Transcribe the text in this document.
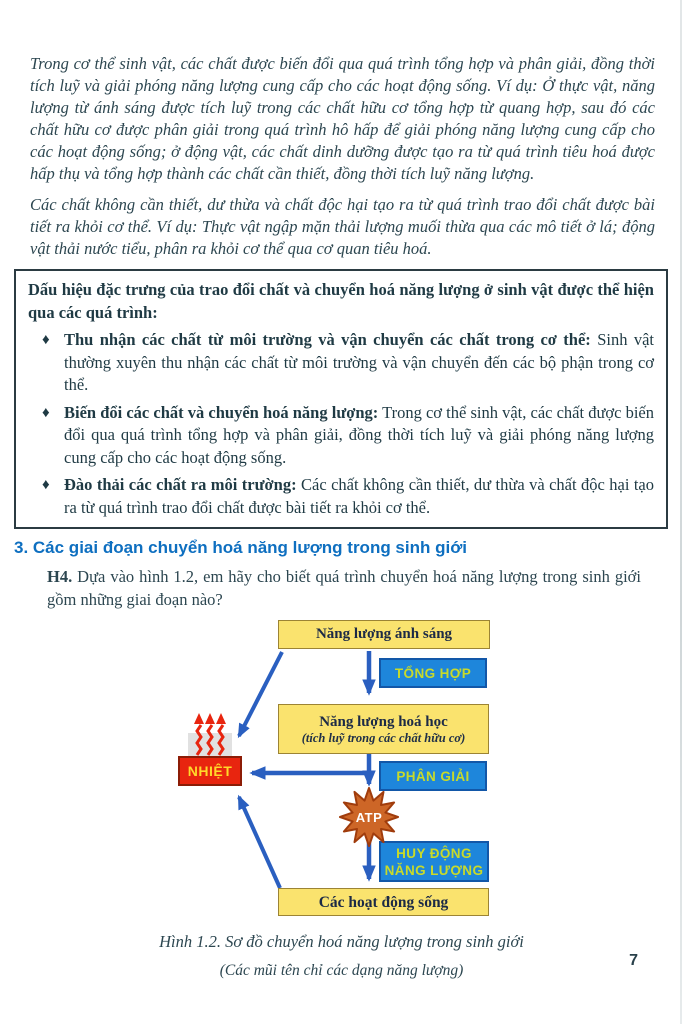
Trong cơ thể sinh vật, các chất được biến đổi qua quá trình tổng hợp và phân giải, đồng thời tích luỹ và giải phóng năng lượng cung cấp cho các hoạt động sống. Ví dụ: Ở thực vật, năng lượng từ ánh sáng được tích luỹ trong các chất hữu cơ tổng hợp từ quang hợp, sau đó các chất hữu cơ được phân giải trong quá trình hô hấp để giải phóng năng lượng cung cấp cho các hoạt động sống; ở động vật, các chất dinh dưỡng được tạo ra từ quá trình tiêu hoá được hấp thụ và tổng hợp thành các chất cần thiết, đồng thời tích luỹ năng lượng.

Các chất không cần thiết, dư thừa và chất độc hại tạo ra từ quá trình trao đổi chất được bài tiết ra khỏi cơ thể. Ví dụ: Thực vật ngập mặn thải lượng muối thừa qua các mô tiết ở lá; động vật thải nước tiểu, phân ra khỏi cơ thể qua cơ quan tiêu hoá.

Dấu hiệu đặc trưng của trao đổi chất và chuyển hoá năng lượng ở sinh vật được thể hiện qua các quá trình:
♦ Thu nhận các chất từ môi trường và vận chuyển các chất trong cơ thể: Sinh vật thường xuyên thu nhận các chất từ môi trường và vận chuyển đến các bộ phận trong cơ thể.
♦ Biến đổi các chất và chuyển hoá năng lượng: Trong cơ thể sinh vật, các chất được biến đổi qua quá trình tổng hợp và phân giải, đồng thời tích luỹ và giải phóng năng lượng cung cấp cho các hoạt động sống.
♦ Đào thải các chất ra môi trường: Các chất không cần thiết, dư thừa và chất độc hại tạo ra từ quá trình trao đổi chất được bài tiết ra khỏi cơ thể.
3. Các giai đoạn chuyển hoá năng lượng trong sinh giới

H4. Dựa vào hình 1.2, em hãy cho biết quá trình chuyển hoá năng lượng trong sinh giới gồm những giai đoạn nào?

Năng lượng ánh sáng
TỔNG HỢP
Năng lượng hoá học
(tích luỹ trong các chất hữu cơ)
NHIỆT	PHÂN GIẢI
ATP
HUY ĐỘNG
NĂNG LƯỢNG
Các hoạt động sống

Hình 1.2. Sơ đồ chuyển hoá năng lượng trong sinh giới

(Các mũi tên chỉ các dạng năng lượng)

7
